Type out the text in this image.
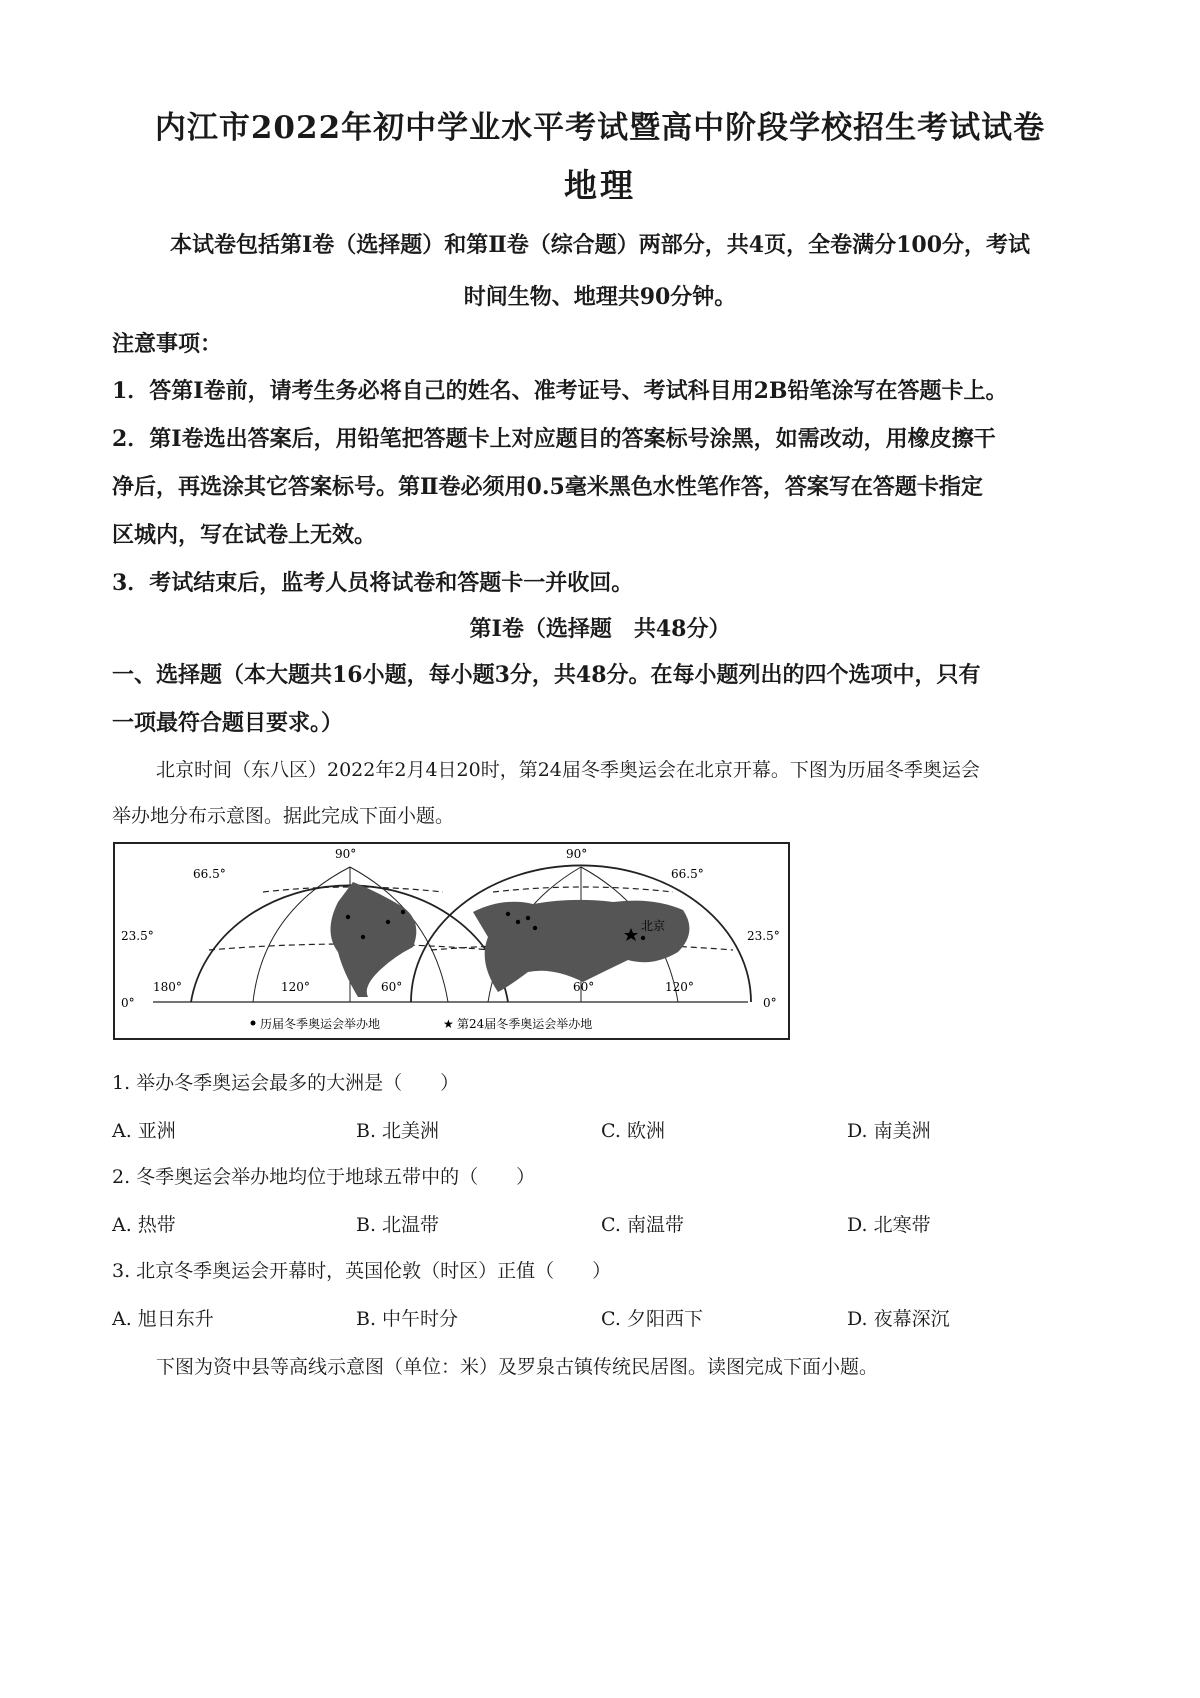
内江市2022年初中学业水平考试暨高中阶段学校招生考试试卷
地理
本试卷包括第Ⅰ卷（选择题）和第Ⅱ卷（综合题）两部分，共4页，全卷满分100分，考试
时间生物、地理共90分钟。
注意事项：
1．答第Ⅰ卷前，请考生务必将自己的姓名、准考证号、考试科目用2B铅笔涂写在答题卡上。
2．第Ⅰ卷选出答案后，用铅笔把答题卡上对应题目的答案标号涂黑，如需改动，用橡皮擦干
净后，再选涂其它答案标号。第Ⅱ卷必须用0.5毫米黑色水性笔作答，答案写在答题卡指定
区城内，写在试卷上无效。
3．考试结束后，监考人员将试卷和答题卡一并收回。
第Ⅰ卷（选择题　共48分）
一、选择题（本大题共16小题，每小题3分，共48分。在每小题列出的四个选项中，只有
一项最符合题目要求。）
北京时间（东八区）2022年2月4日20时，第24届冬季奥运会在北京开幕。下图为历届冬季奥运会
举办地分布示意图。据此完成下面小题。
90°	90°
66.5°	66.5°
23.5°	23.5°
0°	0°
180°	120°	60°	60°	120°
北京
历届冬季奥运会举办地	★ 第24届冬季奥运会举办地
1. 举办冬季奥运会最多的大洲是（　　）
A. 亚洲	B. 北美洲	C. 欧洲	D. 南美洲
2. 冬季奥运会举办地均位于地球五带中的（　　）
A. 热带	B. 北温带	C. 南温带	D. 北寒带
3. 北京冬季奥运会开幕时，英国伦敦（时区）正值（　　）
A. 旭日东升	B. 中午时分	C. 夕阳西下	D. 夜幕深沉
下图为资中县等高线示意图（单位：米）及罗泉古镇传统民居图。读图完成下面小题。
